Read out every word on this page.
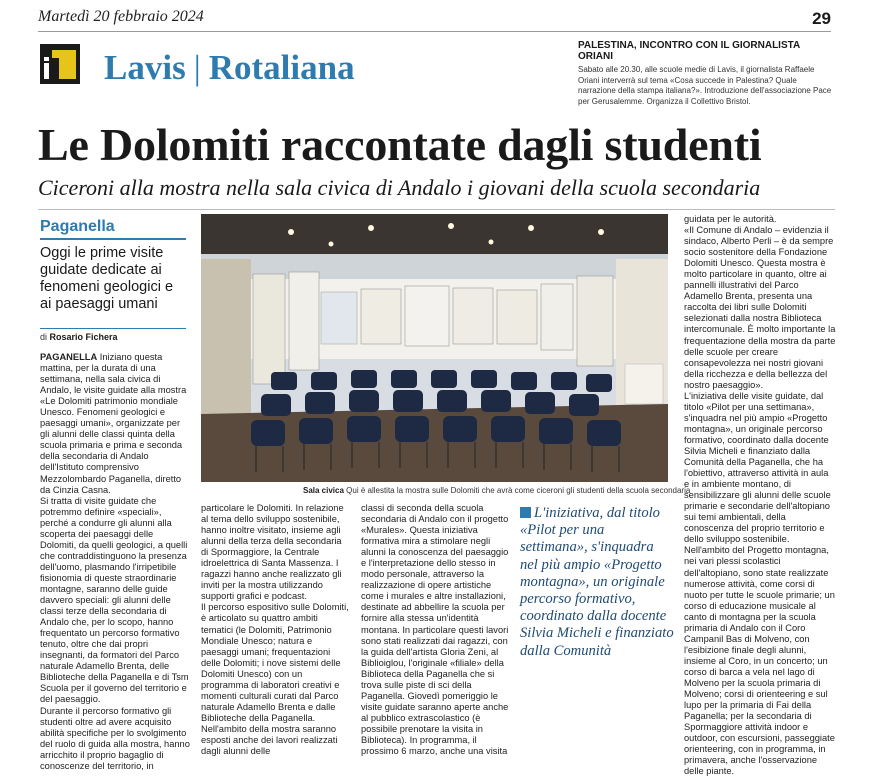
Martedì 20 febbraio 2024	29
Lavis | Rotaliana
PALESTINA, INCONTRO CON IL GIORNALISTA ORIANI

Sabato alle 20.30, alle scuole medie di Lavis, il giornalista Raffaele Oriani interverrà sul tema «Cosa succede in Palestina? Quale narrazione della stampa italiana?». Introduzione dell'associazione Pace per Gerusalemme. Organizza il Collettivo Bristol.

Le Dolomiti raccontate dagli studenti
Ciceroni alla mostra nella sala civica di Andalo i giovani della scuola secondaria
Paganella
Oggi le prime visite guidate dedicate ai fenomeni geologici e ai paesaggi umani
di Rosario Fichera

PAGANELLA Iniziano questa mattina, per la durata di una settimana, nella sala civica di Andalo, le visite guidate alla mostra «Le Dolomiti patrimonio mondiale Unesco. Fenomeni geologici e paesaggi umani», organizzate per gli alunni delle classi quinta della scuola primaria e prima e seconda della secondaria di Andalo dell'Istituto comprensivo Mezzolombardo Paganella, diretto da Cinzia Casna.

Si tratta di visite guidate che potremmo definire «speciali», perché a condurre gli alunni alla scoperta dei paesaggi delle Dolomiti, da quelli geologici, a quelli che contraddistinguono la presenza dell'uomo, plasmando l'irripetibile fisionomia di queste straordinarie montagne, saranno delle guide davvero speciali: gli alunni delle classi terze della secondaria di Andalo che, per lo scopo, hanno frequentato un percorso formativo tenuto, oltre che dai propri insegnanti, da formatori del Parco naturale Adamello Brenta, delle Biblioteche della Paganella e di Tsm Scuola per il governo del territorio e del paesaggio.

Durante il percorso formativo gli studenti oltre ad avere acquisito abilità specifiche per lo svolgimento del ruolo di guida alla mostra, hanno arricchito il proprio bagaglio di conoscenze del territorio, in

Sala civica Qui è allestita la mostra sulle Dolomiti che avrà come ciceroni gli studenti della scuola secondaria

particolare le Dolomiti. In relazione al tema dello sviluppo sostenibile, hanno inoltre visitato, insieme agli alunni della terza della secondaria di Spormaggiore, la Centrale idroelettrica di Santa Massenza. I ragazzi hanno anche realizzato gli inviti per la mostra utilizzando supporti grafici e podcast.

Il percorso espositivo sulle Dolomiti, è articolato su quattro ambiti tematici (le Dolomiti, Patrimonio Mondiale Unesco; natura e paesaggi umani; frequentazioni delle Dolomiti; i nove sistemi delle Dolomiti Unesco) con un programma di laboratori creativi e momenti culturali curati dal Parco naturale Adamello Brenta e dalle Biblioteche della Paganella. Nell'ambito della mostra saranno esposti anche dei lavori realizzati dagli alunni delle

classi di seconda della scuola secondaria di Andalo con il progetto «Murales». Questa iniziativa formativa mira a stimolare negli alunni la conoscenza del paesaggio e l'interpretazione dello stesso in modo personale, attraverso la realizzazione di opere artistiche come i murales e altre installazioni, destinate ad abbellire la scuola per fornire alla stessa un'identità montana. In particolare questi lavori sono stati realizzati dai ragazzi, con la guida dell'artista Gloria Zeni, al Biblioiglou, l'originale «filiale» della Biblioteca della Paganella che si trova sulle piste di sci della Paganella. Giovedì pomeriggio le visite guidate saranno aperte anche al pubblico extrascolastico (è possibile prenotare la visita in Biblioteca). In programma, il prossimo 6 marzo, anche una visita

L'iniziativa, dal titolo «Pilot per una settimana», s'inquadra nel più ampio «Progetto montagna», un originale percorso formativo, coordinato dalla docente Silvia Micheli e finanziato dalla Comunità

guidata per le autorità.

«Il Comune di Andalo – evidenzia il sindaco, Alberto Perli – è da sempre socio sostenitore della Fondazione Dolomiti Unesco. Questa mostra è molto particolare in quanto, oltre ai pannelli illustrativi del Parco Adamello Brenta, presenta una raccolta dei libri sulle Dolomiti selezionati dalla nostra Biblioteca intercomunale. È molto importante la frequentazione della mostra da parte delle scuole per creare consapevolezza nei nostri giovani della ricchezza e della bellezza del nostro paesaggio».

L'iniziativa delle visite guidate, dal titolo «Pilot per una settimana», s'inquadra nel più ampio «Progetto montagna», un originale percorso formativo, coordinato dalla docente Silvia Micheli e finanziato dalla Comunità della Paganella, che ha l'obiettivo, attraverso attività in aula e in ambiente montano, di sensibilizzare gli alunni delle scuole primarie e secondarie dell'altopiano sui temi ambientali, della conoscenza del proprio territorio e dello sviluppo sostenibile.

Nell'ambito del Progetto montagna, nei vari plessi scolastici dell'altopiano, sono state realizzate numerose attività, come corsi di nuoto per tutte le scuole primarie; un corso di educazione musicale al canto di montagna per la scuola primaria di Andalo con il Coro Campanil Bas di Molveno, con l'esibizione finale degli alunni, insieme al Coro, in un concerto; un corso di barca a vela nel lago di Molveno per la scuola primaria di Molveno; corsi di orienteering e sul lupo per la primaria di Fai della Paganella; per la secondaria di Spormaggiore attività indoor e outdoor, con escursioni, passeggiate orienteering, con in programma, in primavera, anche l'osservazione delle piante.
